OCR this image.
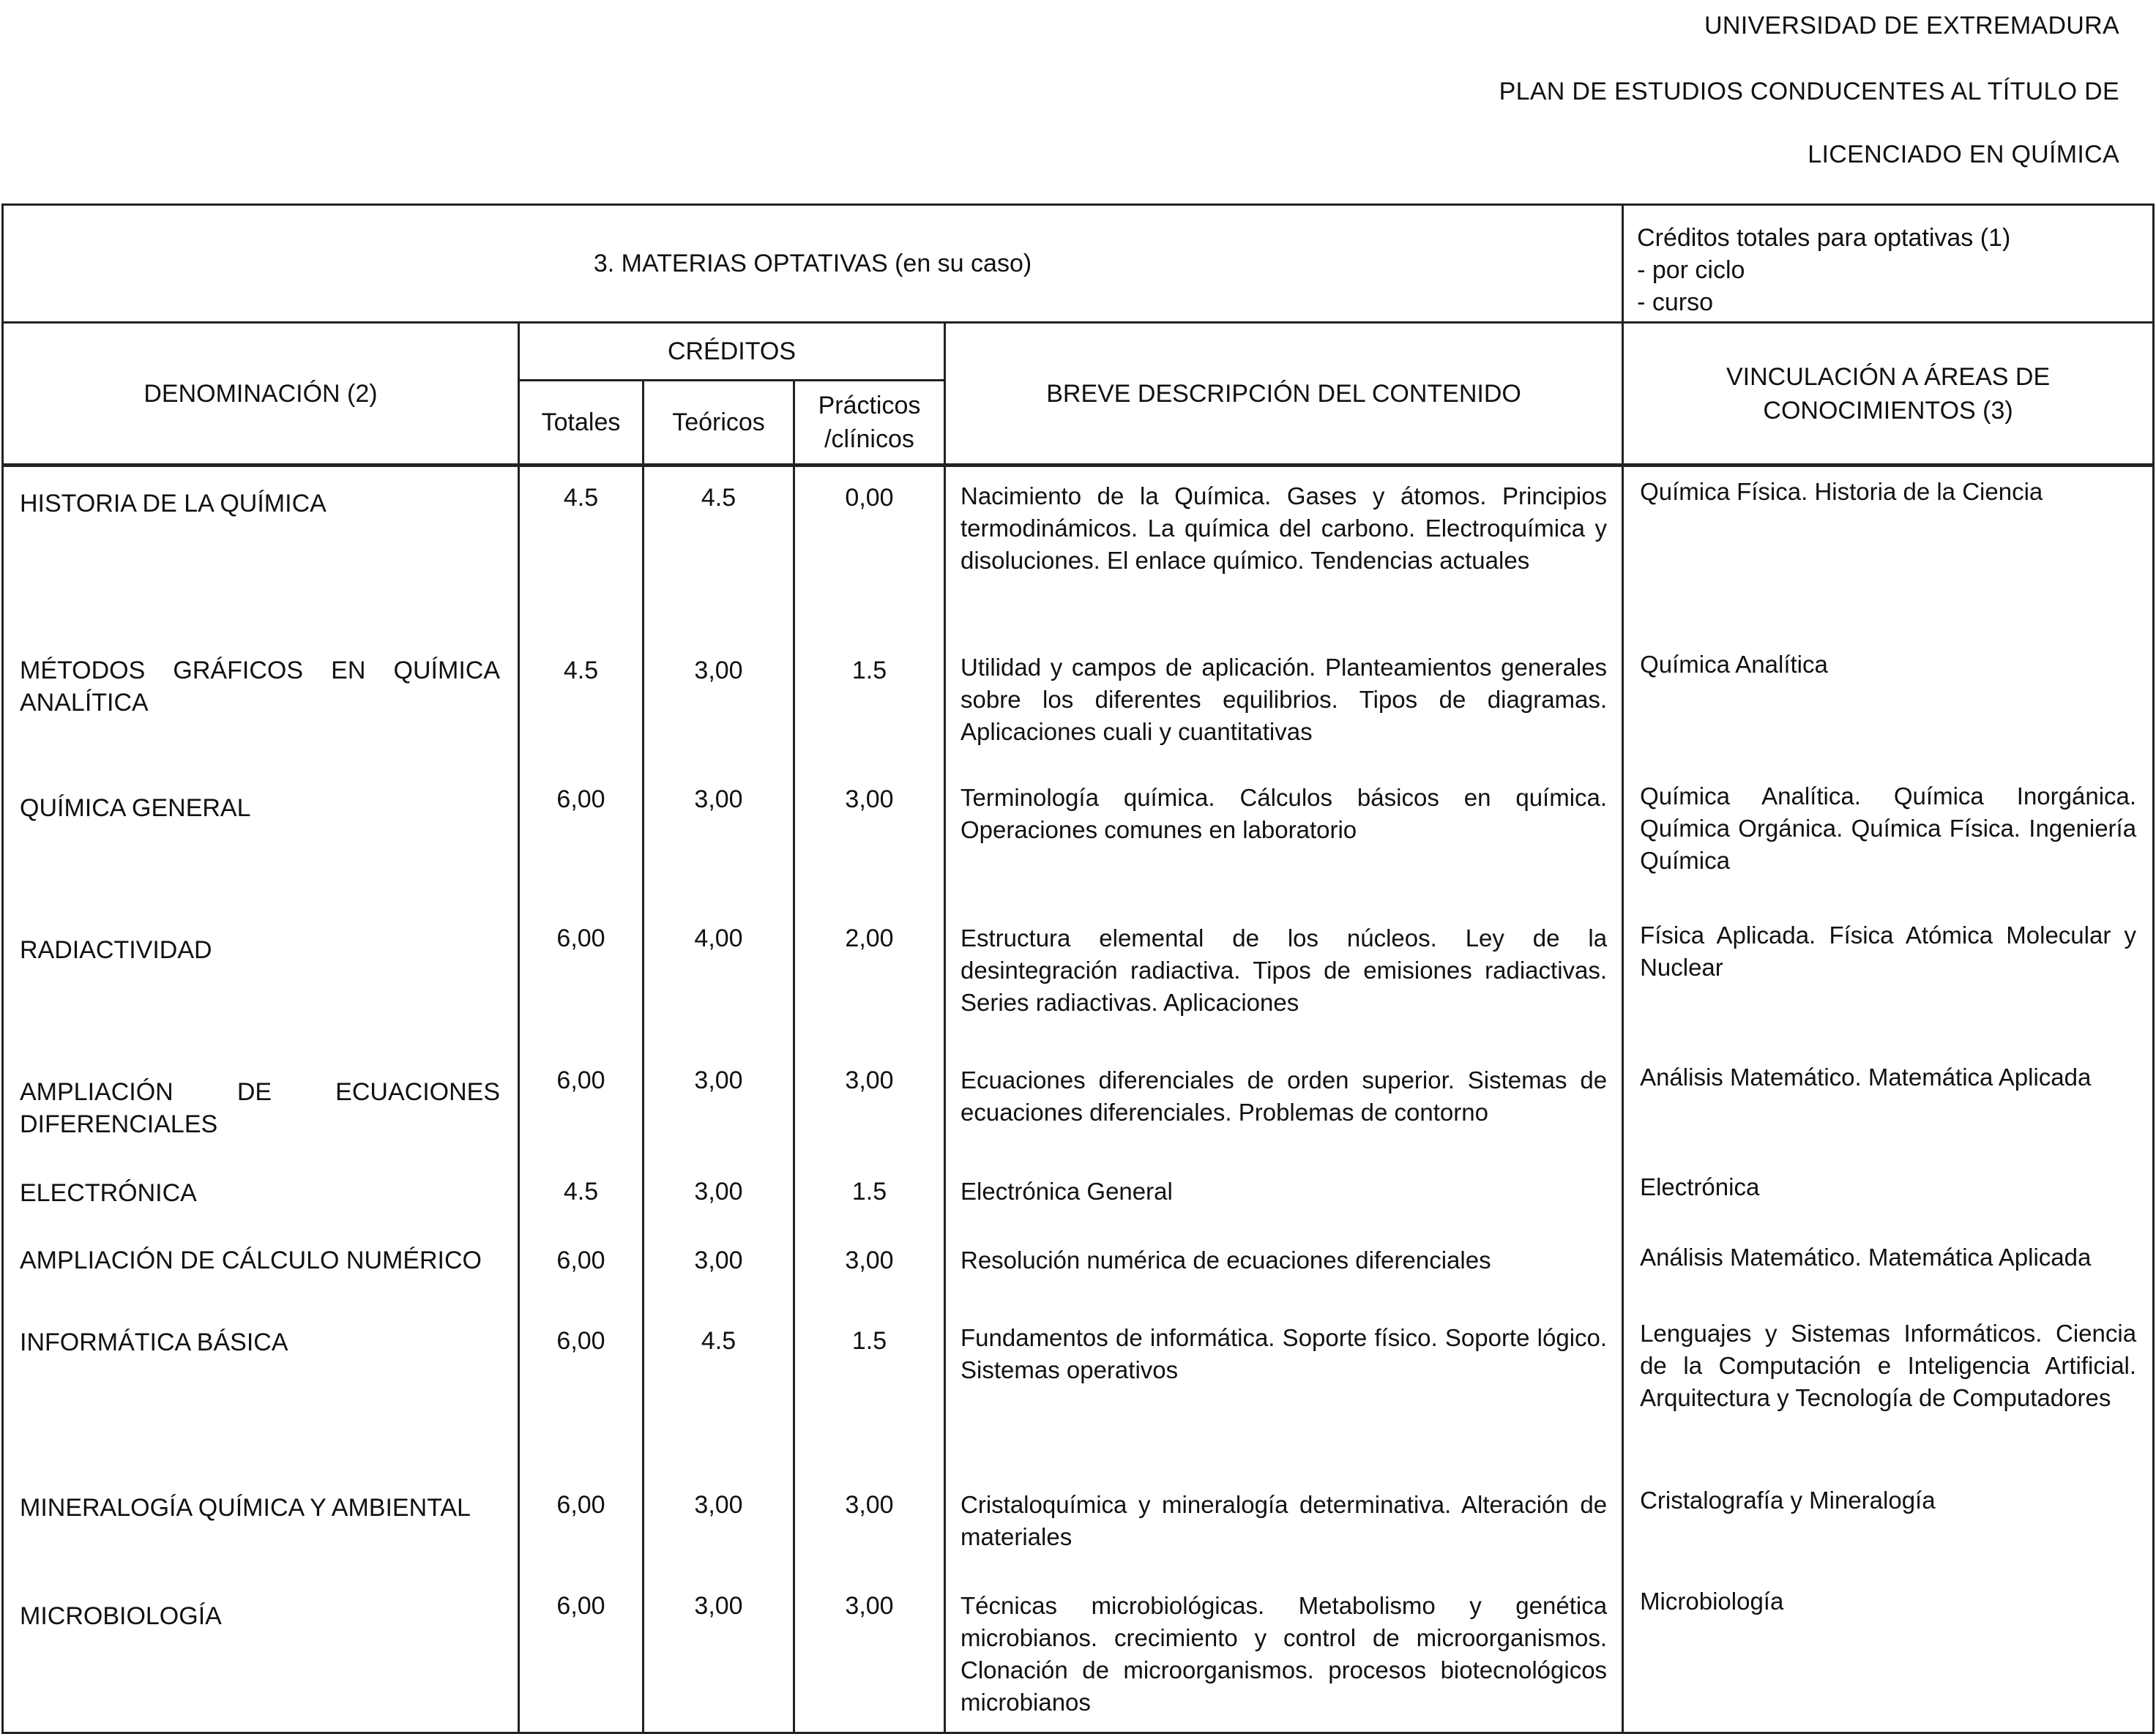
UNIVERSIDAD DE EXTREMADURA
PLAN DE ESTUDIOS CONDUCENTES AL TÍTULO DE
LICENCIADO EN QUÍMICA
3. MATERIAS OPTATIVAS (en su caso)					Créditos totales para optativas (1)
- por ciclo
- curso

DENOMINACIÓN (2)	CRÉDITOS			BREVE DESCRIPCIÓN DEL CONTENIDO	VINCULACIÓN A ÁREAS DE
CONOCIMIENTOS (3)

	Totales	Teóricos	Prácticos
/clínicos		

HISTORIA DE LA QUÍMICA	4.5	4.5	0,00	Nacimiento de la Química. Gases y átomos. Principios termodinámicos. La química del carbono. Electroquímica y disoluciones. El enlace químico. Tendencias actuales	Química Física. Historia de la Ciencia
MÉTODOS GRÁFICOS EN QUÍMICA ANALÍTICA	4.5	3,00	1.5	Utilidad y campos de aplicación. Planteamientos generales sobre los diferentes equilibrios. Tipos de diagramas. Aplicaciones cuali y cuantitativas	Química Analítica
QUÍMICA GENERAL	6,00	3,00	3,00	Terminología química. Cálculos básicos en química. Operaciones comunes en laboratorio	Química Analítica. Química Inorgánica. Química Orgánica. Química Física. Ingeniería Química
RADIACTIVIDAD	6,00	4,00	2,00	Estructura elemental de los núcleos. Ley de la desintegración radiactiva. Tipos de emisiones radiactivas. Series radiactivas. Aplicaciones	Física Aplicada. Física Atómica Molecular y Nuclear
AMPLIACIÓN DE ECUACIONES DIFERENCIALES	6,00	3,00	3,00	Ecuaciones diferenciales de orden superior. Sistemas de ecuaciones diferenciales. Problemas de contorno	Análisis Matemático. Matemática Aplicada
ELECTRÓNICA	4.5	3,00	1.5	Electrónica General	Electrónica
AMPLIACIÓN DE CÁLCULO NUMÉRICO	6,00	3,00	3,00	Resolución numérica de ecuaciones diferenciales	Análisis Matemático. Matemática Aplicada
INFORMÁTICA BÁSICA	6,00	4.5	1.5	Fundamentos de informática. Soporte físico. Soporte lógico. Sistemas operativos	Lenguajes y Sistemas Informáticos. Ciencia de la Computación e Inteligencia Artificial. Arquitectura y Tecnología de Computadores
MINERALOGÍA QUÍMICA Y AMBIENTAL	6,00	3,00	3,00	Cristaloquímica y mineralogía determinativa. Alteración de materiales	Cristalografía y Mineralogía
MICROBIOLOGÍA	6,00	3,00	3,00	Técnicas microbiológicas. Metabolismo y genética microbianos. crecimiento y control de microorganismos. Clonación de microorganismos. procesos biotecnológicos microbianos	Microbiología
